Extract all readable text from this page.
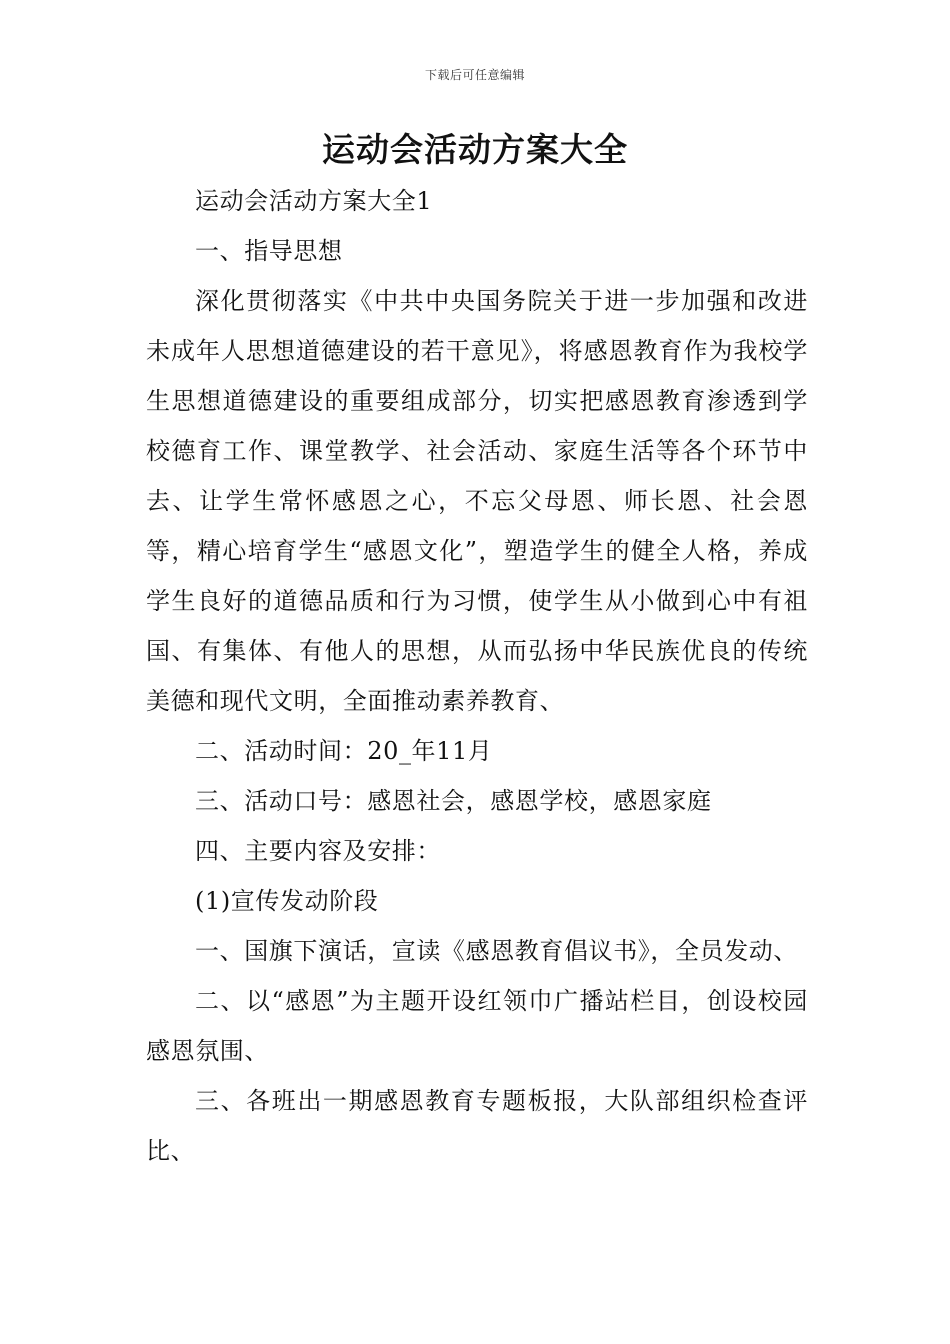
下载后可任意编辑
运动会活动方案大全

运动会活动方案大全1

一、指导思想

深化贯彻落实《中共中央国务院关于进一步加强和改进未成年人思想道德建设的若干意见》，将感恩教育作为我校学生思想道德建设的重要组成部分，切实把感恩教育渗透到学校德育工作、课堂教学、社会活动、家庭生活等各个环节中去、让学生常怀感恩之心，不忘父母恩、师长恩、社会恩等，精心培育学生“感恩文化”，塑造学生的健全人格，养成学生良好的道德品质和行为习惯，使学生从小做到心中有祖国、有集体、有他人的思想，从而弘扬中华民族优良的传统美德和现代文明，全面推动素养教育、

二、活动时间：20_年11月

三、活动口号：感恩社会，感恩学校，感恩家庭

四、主要内容及安排：

(1)宣传发动阶段

一、国旗下演话，宣读《感恩教育倡议书》，全员发动、

二、以“感恩”为主题开设红领巾广播站栏目，创设校园感恩氛围、

三、各班出一期感恩教育专题板报，大队部组织检查评比、
